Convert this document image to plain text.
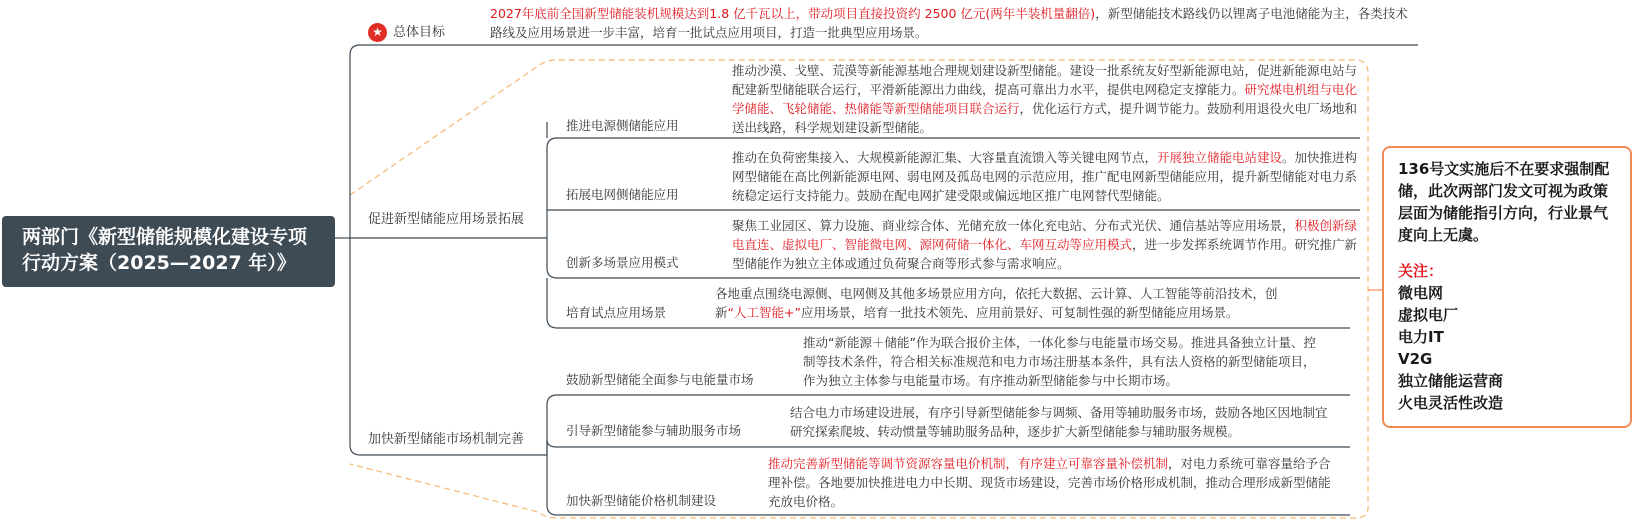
两部门《新型储能规模化建设专项行动方案（2025—2027 年）》
★ 总体目标
2027年底前全国新型储能装机规模达到1.8 亿千瓦以上，带动项目直接投资约 2500 亿元(两年半装机量翻倍)，新型储能技术路线仍以锂离子电池储能为主，各类技术路线及应用场景进一步丰富，培育一批试点应用项目，打造一批典型应用场景。
促进新型储能应用场景拓展
推进电源侧储能应用
推动沙漠、戈壁、荒漠等新能源基地合理规划建设新型储能。建设一批系统友好型新能源电站，促进新能源电站与配建新型储能联合运行，平滑新能源出力曲线，提高可靠出力水平，提供电网稳定支撑能力。研究煤电机组与电化学储能、飞轮储能、热储能等新型储能项目联合运行，优化运行方式，提升调节能力。鼓励利用退役火电厂场地和送出线路，科学规划建设新型储能。
拓展电网侧储能应用
推动在负荷密集接入、大规模新能源汇集、大容量直流馈入等关键电网节点，开展独立储能电站建设。加快推进构网型储能在高比例新能源电网、弱电网及孤岛电网的示范应用，推广配电网新型储能应用，提升新型储能对电力系统稳定运行支持能力。鼓励在配电网扩建受限或偏远地区推广电网替代型储能。
创新多场景应用模式
聚焦工业园区、算力设施、商业综合体、光储充放一体化充电站、分布式光伏、通信基站等应用场景，积极创新绿电直连、虚拟电厂、智能微电网、源网荷储一体化、车网互动等应用模式，进一步发挥系统调节作用。研究推广新型储能作为独立主体或通过负荷聚合商等形式参与需求响应。
培育试点应用场景
各地重点围绕电源侧、电网侧及其他多场景应用方向，依托大数据、云计算、人工智能等前沿技术，创新“人工智能+”应用场景，培育一批技术领先、应用前景好、可复制性强的新型储能应用场景。
加快新型储能市场机制完善
鼓励新型储能全面参与电能量市场
推动“新能源＋储能”作为联合报价主体，一体化参与电能量市场交易。推进具备独立计量、控制等技术条件，符合相关标准规范和电力市场注册基本条件，具有法人资格的新型储能项目，作为独立主体参与电能量市场。有序推动新型储能参与中长期市场。
引导新型储能参与辅助服务市场
结合电力市场建设进展，有序引导新型储能参与调频、备用等辅助服务市场，鼓励各地区因地制宜研究探索爬坡、转动惯量等辅助服务品种，逐步扩大新型储能参与辅助服务规模。
加快新型储能价格机制建设
推动完善新型储能等调节资源容量电价机制，有序建立可靠容量补偿机制，对电力系统可靠容量给予合理补偿。各地要加快推进电力中长期、现货市场建设，完善市场价格形成机制，推动合理形成新型储能充放电价格。
136号文实施后不在要求强制配储，此次两部门发文可视为政策层面为储能指引方向，行业景气度向上无虞。
关注：
微电网
虚拟电厂
电力IT
V2G
独立储能运营商
火电灵活性改造
